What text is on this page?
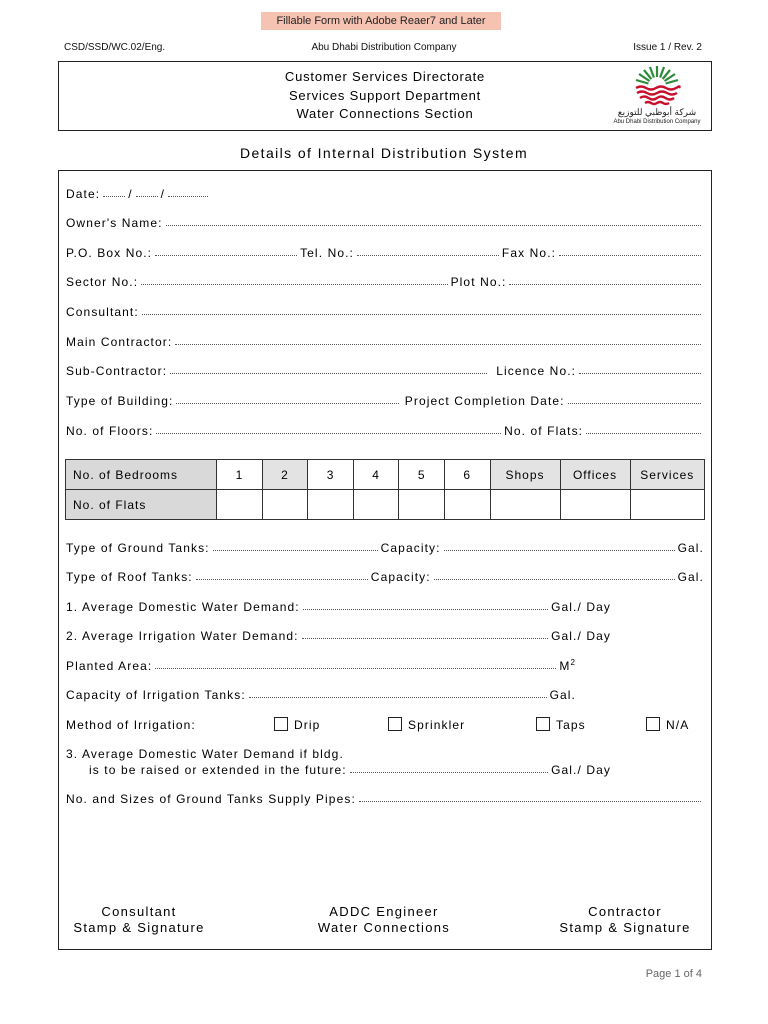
Fillable Form with Adobe Reaer7 and Later
CSD/SSD/WC.02/Eng.	Abu Dhabi Distribution Company	Issue 1 / Rev. 2
Customer Services Directorate
Services Support Department
Water Connections Section	شركة أبوظبي للتوزيع
Abu Dhabi Distribution Company
Details of Internal Distribution System
Date: / /
Owner's Name:
P.O. Box No.:	Tel. No.:	Fax No.:
Sector No.:	Plot No.:
Consultant:
Main Contractor:
Sub-Contractor:	Licence No.:
Type of Building:	Project Completion Date:
No. of Floors:	No. of Flats:
No. of Bedrooms	1	2	3	4	5	6	Shops	Offices	Services
No. of Flats									
Type of Ground Tanks:	Capacity:	Gal.
Type of Roof Tanks:	Capacity:	Gal.
1. Average Domestic Water Demand:	Gal./ Day
2. Average Irrigation Water Demand:	Gal./ Day
Planted Area:	$M^2$
Capacity of Irrigation Tanks:	Gal.
Method of Irrigation:	Drip	Sprinkler	Taps	N/A
3. Average Domestic Water Demand if bldg.
is to be raised or extended in the future:	Gal./ Day
No. and Sizes of Ground Tanks Supply Pipes:
Consultant
Stamp & Signature
ADDC Engineer
Water Connections
Contractor
Stamp & Signature
Page 1 of 4
